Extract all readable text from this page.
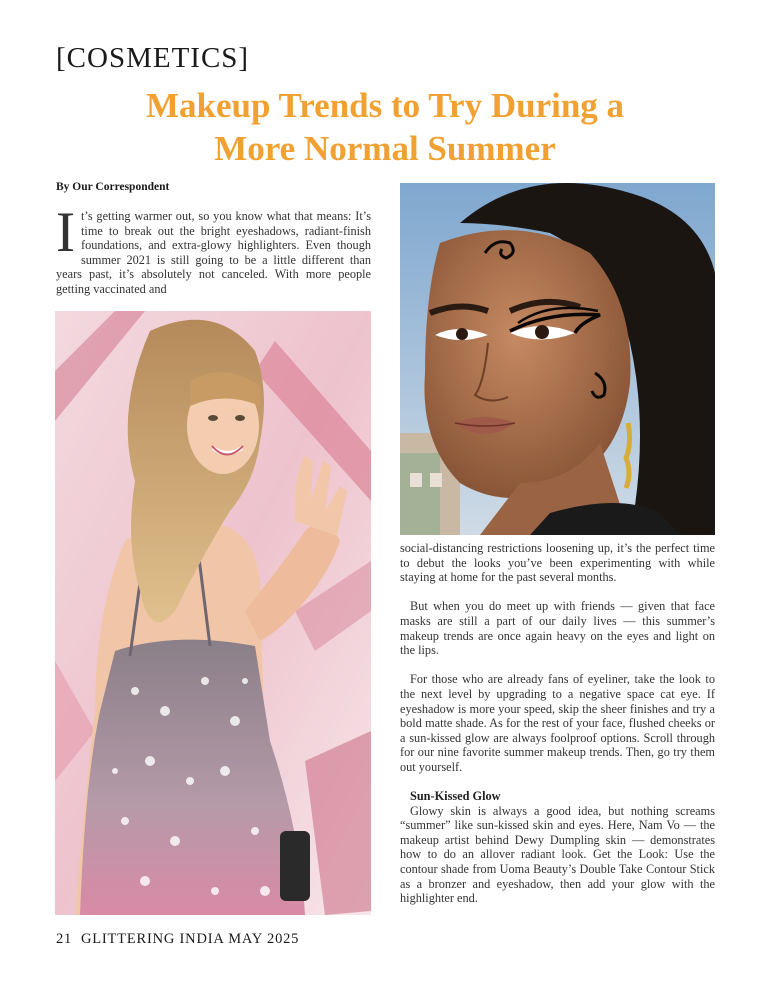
[COSMETICS]
Makeup Trends to Try During a
More Normal Summer
By Our Correspondent
It’s getting warmer out, so you know what that means: It’s time to break out the bright eyeshadows, radiant-finish foundations, and extra-glowy highlighters. Even though summer 2021 is still going to be a little different than years past, it’s absolutely not canceled. With more people getting vaccinated and

social-distancing restrictions loosening up, it’s the perfect time to debut the looks you’ve been experimenting with while staying at home for the past several months.

But when you do meet up with friends — given that face masks are still a part of our daily lives — this summer’s makeup trends are once again heavy on the eyes and light on the lips.

For those who are already fans of eyeliner, take the look to the next level by upgrading to a negative space cat eye. If eyeshadow is more your speed, skip the sheer finishes and try a bold matte shade. As for the rest of your face, flushed cheeks or a sun-kissed glow are always foolproof options. Scroll through for our nine favorite summer makeup trends. Then, go try them out yourself.

Sun-Kissed Glow

Glowy skin is always a good idea, but nothing screams “summer” like sun-kissed skin and eyes. Here, Nam Vo — the makeup artist behind Dewy Dumpling skin — demonstrates how to do an allover radiant look. Get the Look: Use the contour shade from Uoma Beauty’s Double Take Contour Stick as a bronzer and eyeshadow, then add your glow with the highlighter end.

21  GLITTERING INDIA MAY 2025
